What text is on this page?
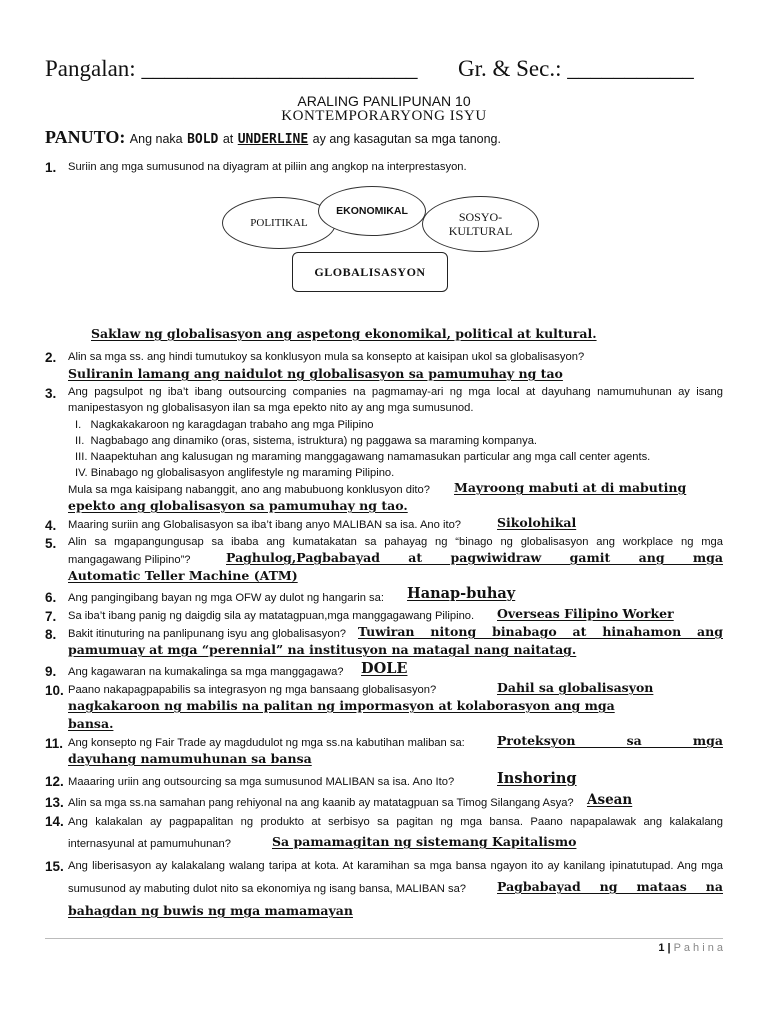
Pangalan: ________________________ Gr. & Sec.: ___________
ARALING PANLIPUNAN 10
KONTEMPORARYONG ISYU
PANUTO: Ang naka BOLD at UNDERLINE ay ang kasagutan sa mga tanong.
1. Suriin ang mga sumusunod na diyagram at piliin ang angkop na interprestasyon.
POLITIKAL	SOSYO-
KULTURAL
EKONOMIKAL
GLOBALISASYON
Saklaw ng globalisasyon ang aspetong ekonomikal, political at kultural.
2. Alin sa mga ss. ang hindi tumutukoy sa konklusyon mula sa konsepto at kaisipan ukol sa globalisasyon?
Suliranin lamang ang naidulot ng globalisasyon sa pamumuhay ng tao
3. Ang pagsulpot ng iba’t ibang outsourcing companies na pagmamay-ari ng mga local at dayuhang namumuhunan ay isang
manipestasyon ng globalisasyon ilan sa mga epekto nito ay ang mga sumusunod.
I.   Nagkakakaroon ng karagdagan trabaho ang mga Pilipino
II.  Nagbabago ang dinamiko (oras, sistema, istruktura) ng paggawa sa maraming kompanya.
III. Naapektuhan ang kalusugan ng maraming manggagawang namamasukan particular ang mga call center agents.
IV. Binabago ng globalisasyon anglifestyle ng maraming Pilipino.
Mula sa mga kaisipang nabanggit, ano ang mabubuong konklusyon dito? Mayroong mabuti at di mabuting
epekto ang globalisasyon sa pamumuhay ng tao.
4. Maaring suriin ang Globalisasyon sa iba’t ibang anyo MALIBAN sa isa. Ano ito?	Sikolohikal
5. Alin sa mgapangungusap sa ibaba ang kumatakatan sa pahayag ng “binago ng globalisasyon ang workplace ng mga
mangagawang Pilipino”?	Paghulog,Pagbabayad at pagwiwidraw gamit ang mga
Automatic Teller Machine (ATM)
6. Ang pangingibang bayan ng mga OFW ay dulot ng hangarin sa: Hanap-buhay
7. Sa iba’t ibang panig ng daigdig sila ay matatagpuan,mga manggagawang Pilipino. Overseas Filipino Worker
8. Bakit itinuturing na panlipunang isyu ang globalisasyon? Tuwiran nitong binabago at hinahamon ang
pamumuay at mga “perennial” na institusyon na matagal nang naitatag.
9. Ang kagawaran na kumakalinga sa mga manggagawa? DOLE
10. Paano nakapagpapabilis sa integrasyon ng mga bansaang globalisasyon?	Dahil sa globalisasyon
nagkakaroon ng mabilis na palitan ng impormasyon at kolaborasyon ang mga
bansa.
11. Ang konsepto ng Fair Trade ay magdudulot ng mga ss.na kabutihan maliban sa:	Proteksyon sa mga
dayuhang namumuhunan sa bansa
12. Maaaring uriin ang outsourcing sa mga sumusunod MALIBAN sa isa. Ano Ito?	Inshoring
13. Alin sa mga ss.na samahan pang rehiyonal na ang kaanib ay matatagpuan sa Timog Silangang Asya? Asean
14. Ang kalakalan ay pagpapalitan ng produkto at serbisyo sa pagitan ng mga bansa. Paano napapalawak ang kalakalang
internasyunal at pamumuhunan?	Sa pamamagitan ng sistemang Kapitalismo
15. Ang liberisasyon ay kalakalang walang taripa at kota. At karamihan sa mga bansa ngayon ito ay kanilang ipinatutupad. Ang mga
sumusunod ay mabuting dulot nito sa ekonomiya ng isang bansa, MALIBAN sa? Pagbabayad ng mataas na
bahagdan ng buwis ng mga mamamayan
1 | P a h i n a
